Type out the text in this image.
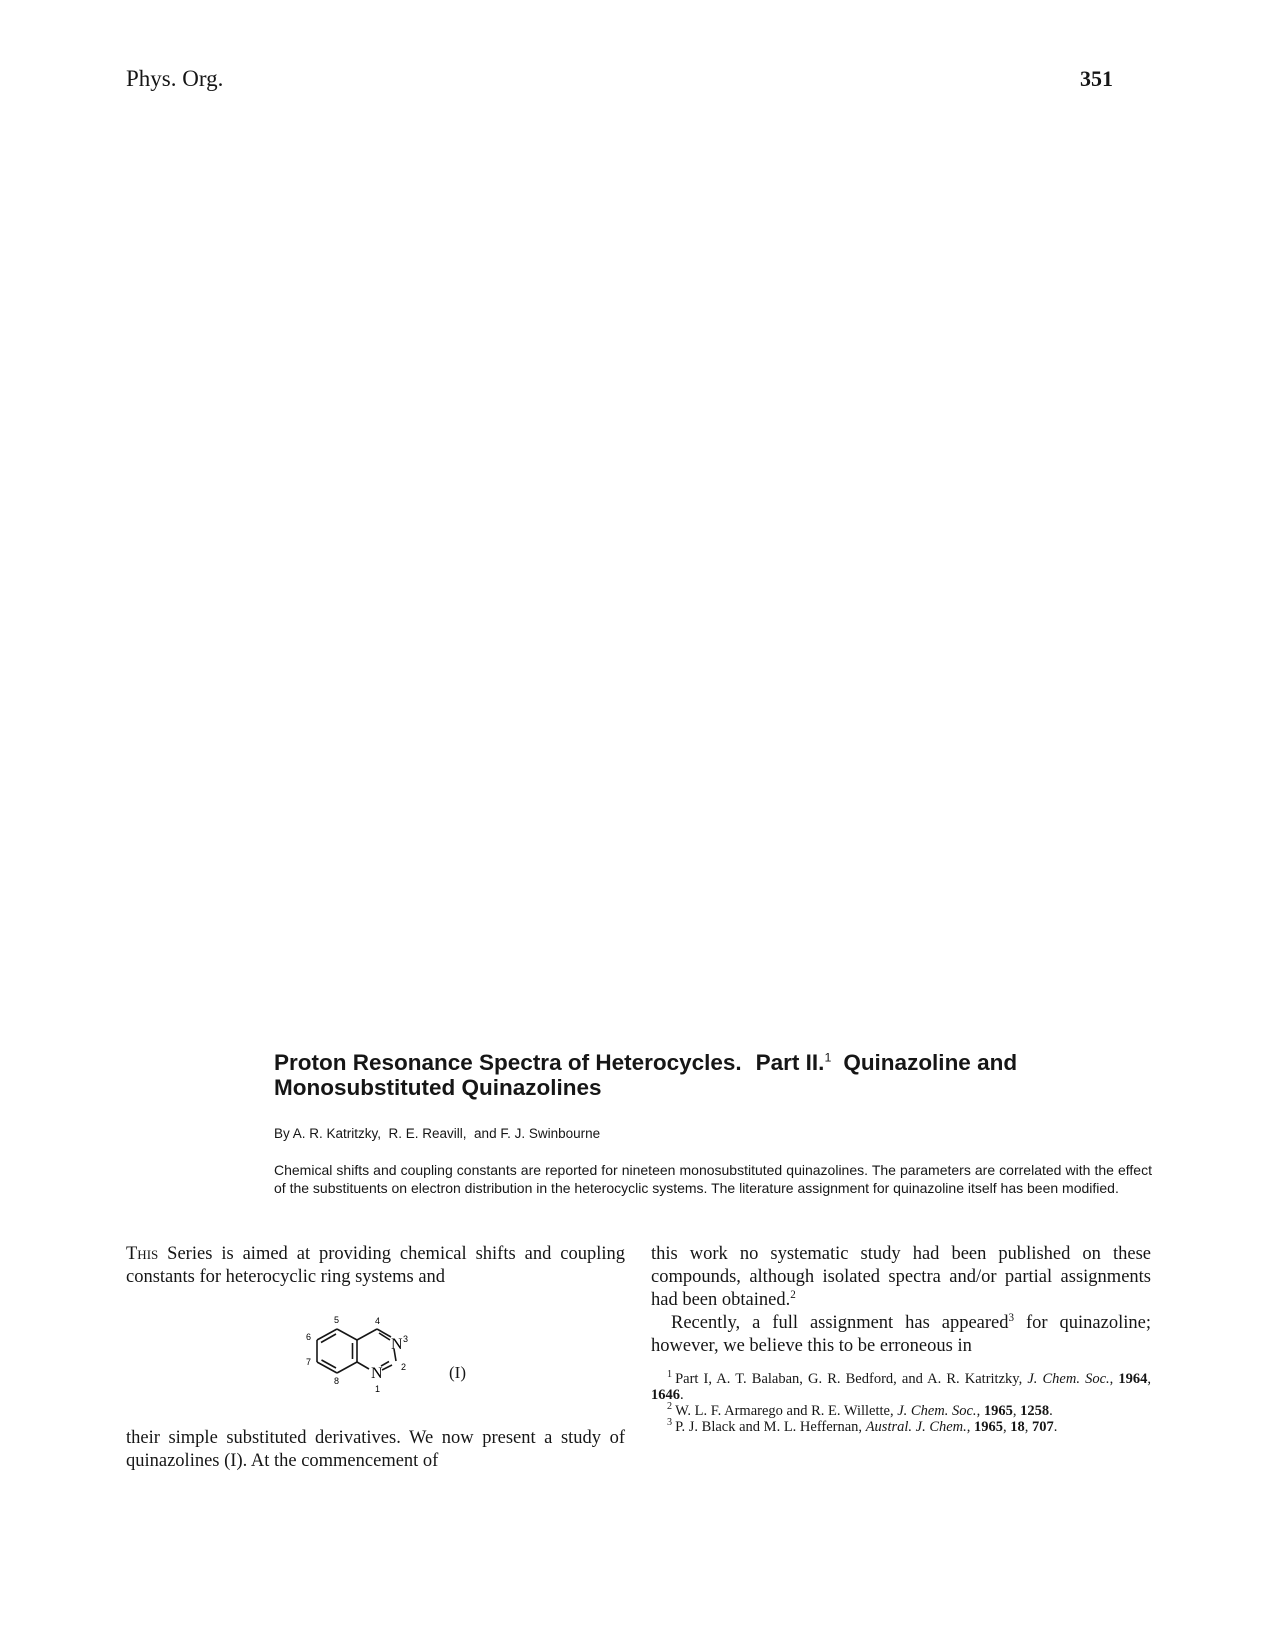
Phys. Org.	351
Proton Resonance Spectra of Heterocycles. Part II.$^1$ Quinazoline and
Monosubstituted Quinazolines
By A. R. Katritzky,  R. E. Reavill,  and F. J. Swinbourne

Chemical shifts and coupling constants are reported for nineteen monosubstituted quinazolines. The parameters are correlated with the effect of the substituents on electron distribution in the heterocyclic systems. The literature assignment for quinazoline itself has been modified.

This Series is aimed at providing chemical shifts and coupling constants for heterocyclic ring systems and

N
N
4
5
6
7
8
3
2
1
(I)

their simple substituted derivatives. We now present a study of quinazolines (I). At the commencement of

this work no systematic study had been published on these compounds, although isolated spectra and/or partial assignments had been obtained.$^2$

Recently, a full assignment has appeared$^3$ for quinazoline; however, we believe this to be erroneous in

$^1$ Part I, A. T. Balaban, G. R. Bedford, and A. R. Katritzky, J. Chem. Soc., 1964, 1646.
$^2$ W. L. F. Armarego and R. E. Willette, J. Chem. Soc., 1965, 1258.
$^3$ P. J. Black and M. L. Heffernan, Austral. J. Chem., 1965, 18, 707.
